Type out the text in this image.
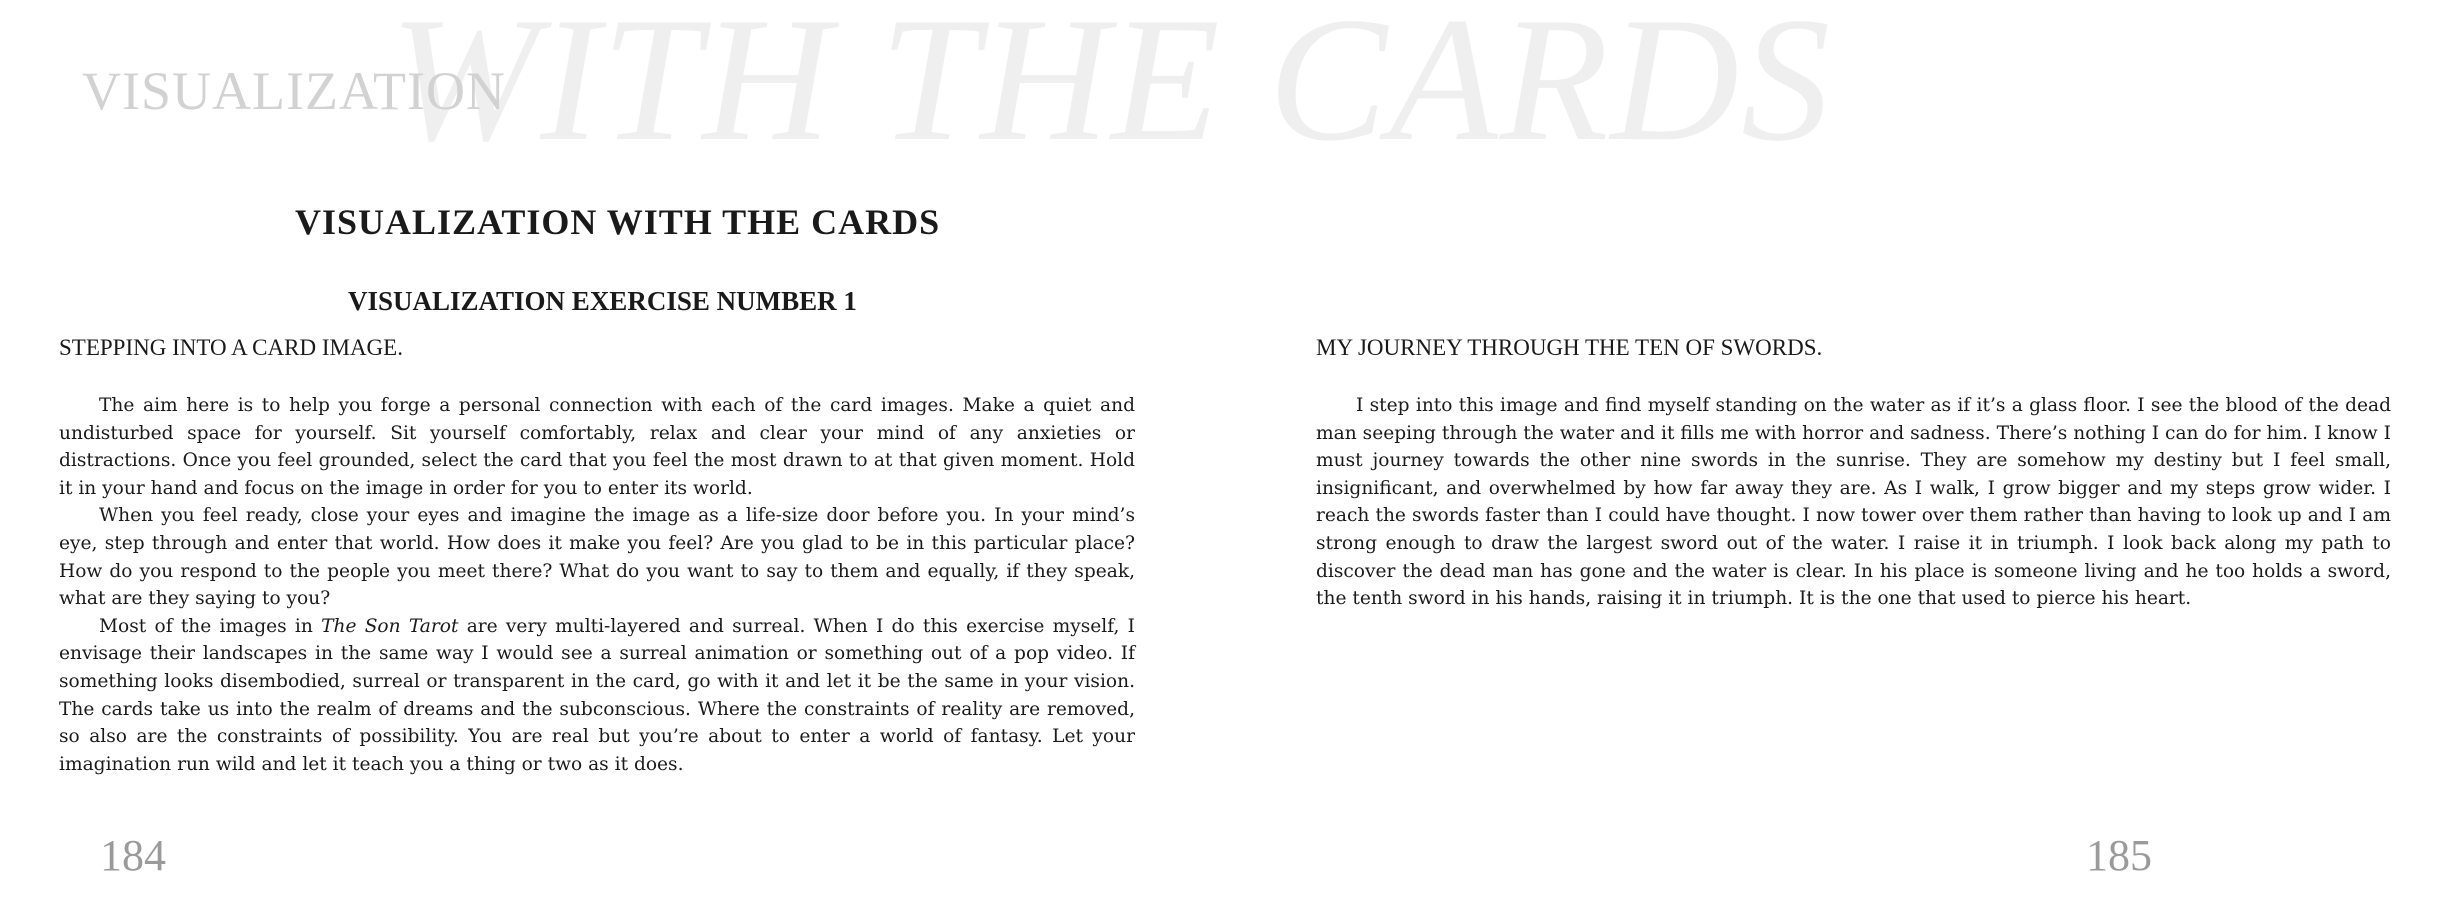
WITH THE CARDS
VISUALIZATION
VISUALIZATION WITH THE CARDS
VISUALIZATION EXERCISE NUMBER 1
STEPPING INTO A CARD IMAGE.

The aim here is to help you forge a personal connection with each of the card images. Make a quiet and undisturbed space for yourself. Sit yourself comfortably, relax and clear your mind of any anxieties or distractions. Once you feel grounded, select the card that you feel the most drawn to at that given moment. Hold it in your hand and focus on the image in order for you to enter its world.

When you feel ready, close your eyes and imagine the image as a life-size door before you. In your mind’s eye, step through and enter that world. How does it make you feel? Are you glad to be in this particular place? How do you respond to the people you meet there? What do you want to say to them and equally, if they speak, what are they saying to you?

Most of the images in The Son Tarot are very multi-layered and surreal. When I do this exercise myself, I envisage their landscapes in the same way I would see a surreal animation or something out of a pop video. If something looks disembodied, surreal or transparent in the card, go with it and let it be the same in your vision. The cards take us into the realm of dreams and the subconscious. Where the constraints of reality are removed, so also are the constraints of possibility. You are real but you’re about to enter a world of fantasy. Let your imagination run wild and let it teach you a thing or two as it does.

MY JOURNEY THROUGH THE TEN OF SWORDS.

I step into this image and find myself standing on the water as if it’s a glass floor. I see the blood of the dead man seeping through the water and it fills me with horror and sadness. There’s nothing I can do for him. I know I must journey towards the other nine swords in the sunrise. They are somehow my destiny but I feel small, insignificant, and overwhelmed by how far away they are. As I walk, I grow bigger and my steps grow wider. I reach the swords faster than I could have thought. I now tower over them rather than having to look up and I am strong enough to draw the largest sword out of the water. I raise it in triumph. I look back along my path to discover the dead man has gone and the water is clear. In his place is someone living and he too holds a sword, the tenth sword in his hands, raising it in triumph. It is the one that used to pierce his heart.

184	185
